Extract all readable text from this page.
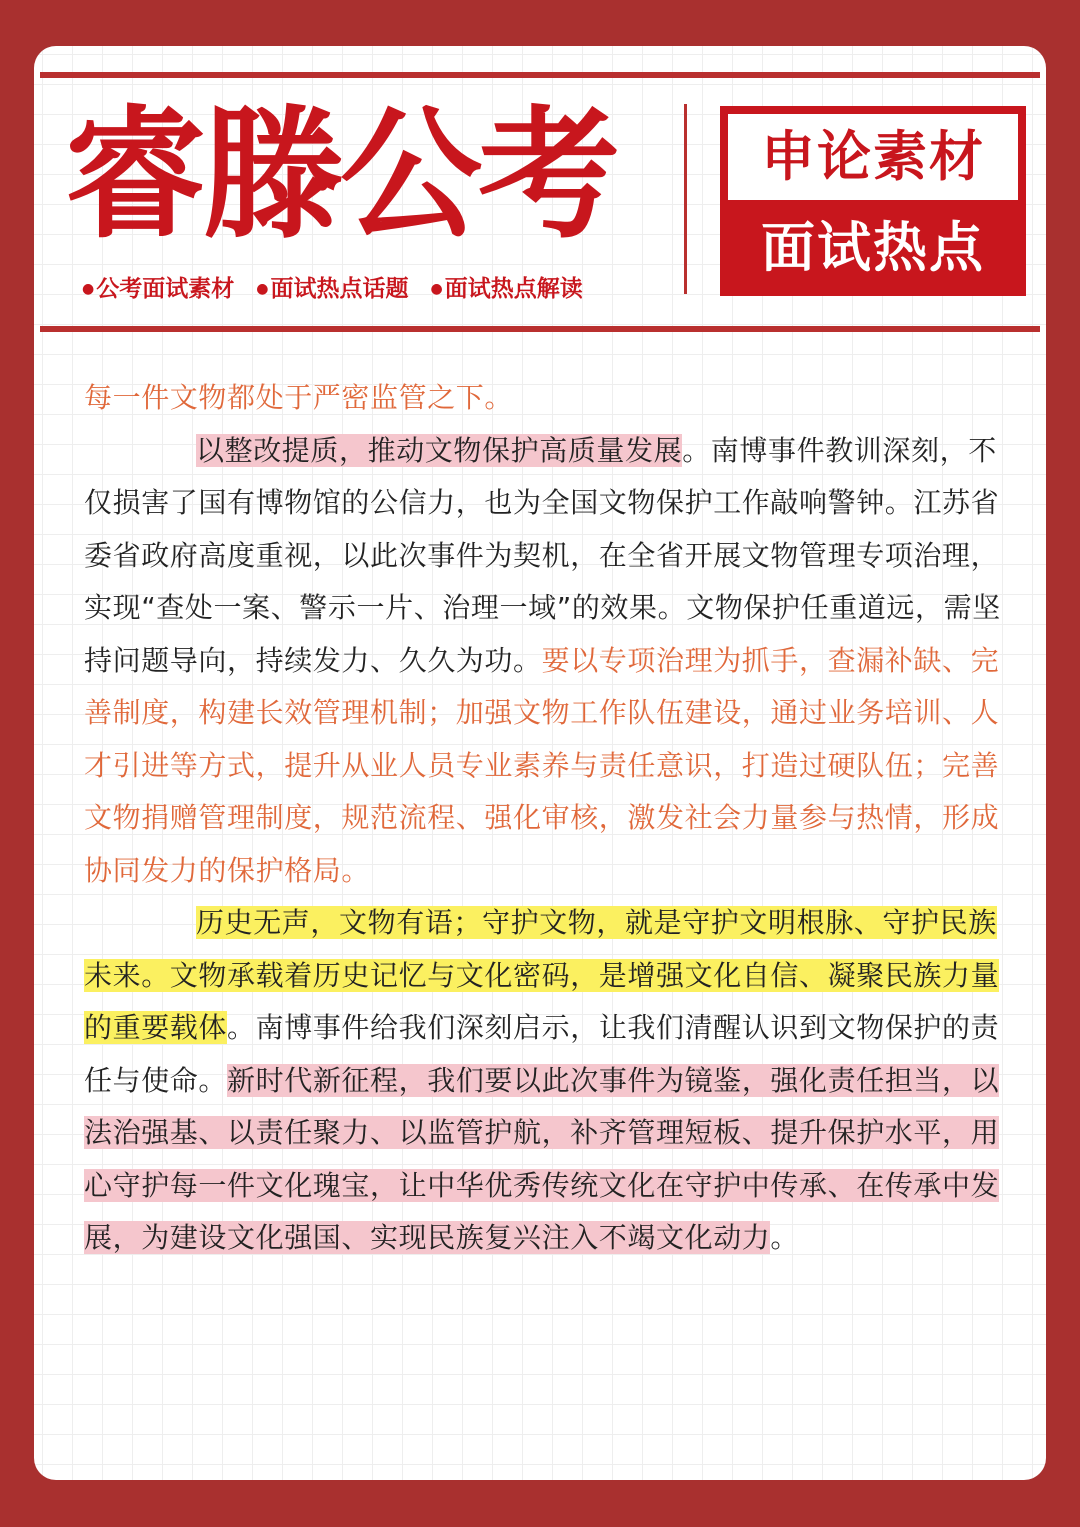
睿滕公考
● 公考面试素材 ● 面试热点话题 ● 面试热点解读
申论素材
面试热点

每一件文物都处于严密监管之下。

以整改提质，推动文物保护高质量发展。南博事件教训深刻，不仅损害了国有博物馆的公信力，也为全国文物保护工作敲响警钟。江苏省委省政府高度重视，以此次事件为契机，在全省开展文物管理专项治理，实现“查处一案、警示一片、治理一域”的效果。文物保护任重道远，需坚持问题导向，持续发力、久久为功。要以专项治理为抓手，查漏补缺、完善制度，构建长效管理机制；加强文物工作队伍建设，通过业务培训、人才引进等方式，提升从业人员专业素养与责任意识，打造过硬队伍；完善文物捐赠管理制度，规范流程、强化审核，激发社会力量参与热情，形成协同发力的保护格局。

历史无声，文物有语；守护文物，就是守护文明根脉、守护民族未来。文物承载着历史记忆与文化密码，是增强文化自信、凝聚民族力量的重要载体。南博事件给我们深刻启示，让我们清醒认识到文物保护的责任与使命。新时代新征程，我们要以此次事件为镜鉴，强化责任担当，以法治强基、以责任聚力、以监管护航，补齐管理短板、提升保护水平，用心守护每一件文化瑰宝，让中华优秀传统文化在守护中传承、在传承中发展，为建设文化强国、实现民族复兴注入不竭文化动力。
